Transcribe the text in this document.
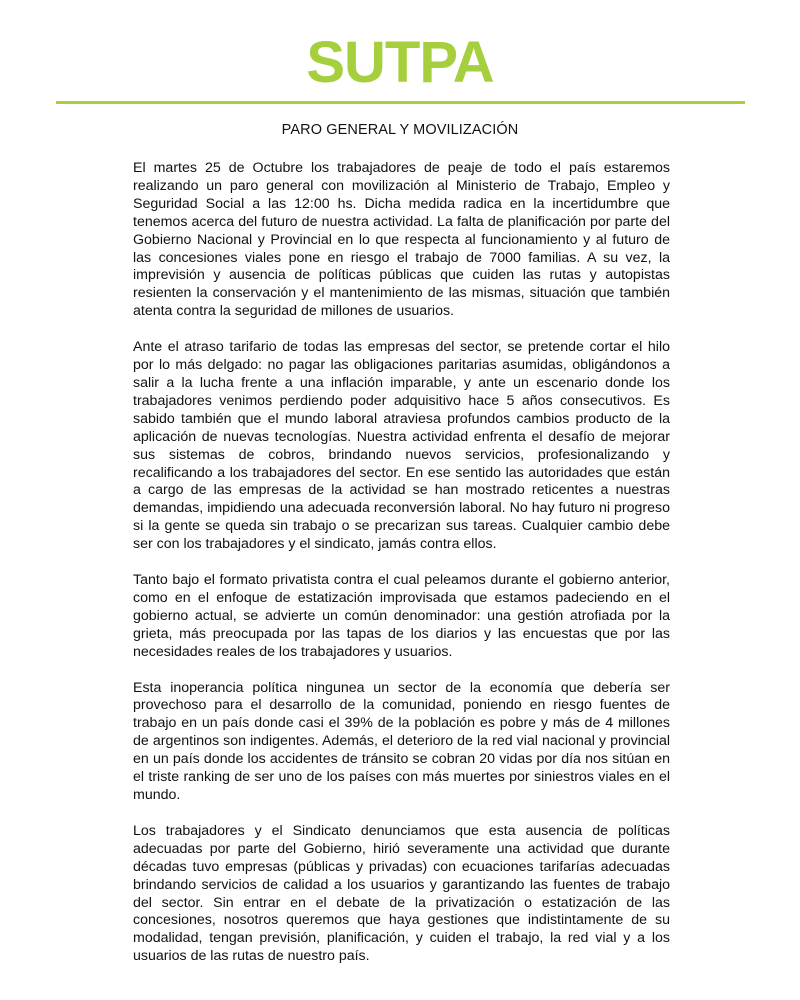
SUTPA
PARO GENERAL Y MOVILIZACIÓN

El martes 25 de Octubre los trabajadores de peaje de todo el país estaremos realizando un paro general con movilización al Ministerio de Trabajo, Empleo y Seguridad Social a las 12:00 hs. Dicha medida radica en la incertidumbre que tenemos acerca del futuro de nuestra actividad. La falta de planificación por parte del Gobierno Nacional y Provincial en lo que respecta al funcionamiento y al futuro de las concesiones viales pone en riesgo el trabajo de 7000 familias. A su vez, la imprevisión y ausencia de políticas públicas que cuiden las rutas y autopistas resienten la conservación y el mantenimiento de las mismas, situación que también atenta contra la seguridad de millones de usuarios.

Ante el atraso tarifario de todas las empresas del sector, se pretende cortar el hilo por lo más delgado: no pagar las obligaciones paritarias asumidas, obligándonos a salir a la lucha frente a una inflación imparable, y ante un escenario donde los trabajadores venimos perdiendo poder adquisitivo hace 5 años consecutivos. Es sabido también que el mundo laboral atraviesa profundos cambios producto de la aplicación de nuevas tecnologías. Nuestra actividad enfrenta el desafío de mejorar sus sistemas de cobros, brindando nuevos servicios, profesionalizando y recalificando a los trabajadores del sector. En ese sentido las autoridades que están a cargo de las empresas de la actividad se han mostrado reticentes a nuestras demandas, impidiendo una adecuada reconversión laboral. No hay futuro ni progreso si la gente se queda sin trabajo o se precarizan sus tareas. Cualquier cambio debe ser con los trabajadores y el sindicato, jamás contra ellos.

Tanto bajo el formato privatista contra el cual peleamos durante el gobierno anterior, como en el enfoque de estatización improvisada que estamos padeciendo en el gobierno actual, se advierte un común denominador: una gestión atrofiada por la grieta, más preocupada por las tapas de los diarios y las encuestas que por las necesidades reales de los trabajadores y usuarios.

Esta inoperancia política ningunea un sector de la economía que debería ser provechoso para el desarrollo de la comunidad, poniendo en riesgo fuentes de trabajo en un país donde casi el 39% de la población es pobre y más de 4 millones de argentinos son indigentes. Además, el deterioro de la red vial nacional y provincial en un país donde los accidentes de tránsito se cobran 20 vidas por día nos sitúan en el triste ranking de ser uno de los países con más muertes por siniestros viales en el mundo.

Los trabajadores y el Sindicato denunciamos que esta ausencia de políticas adecuadas por parte del Gobierno, hirió severamente una actividad que durante décadas tuvo empresas (públicas y privadas) con ecuaciones tarifarías adecuadas brindando servicios de calidad a los usuarios y garantizando las fuentes de trabajo del sector. Sin entrar en el debate de la privatización o estatización de las concesiones, nosotros queremos que haya gestiones que indistintamente de su modalidad, tengan previsión, planificación, y cuiden el trabajo, la red vial y a los usuarios de las rutas de nuestro país.
